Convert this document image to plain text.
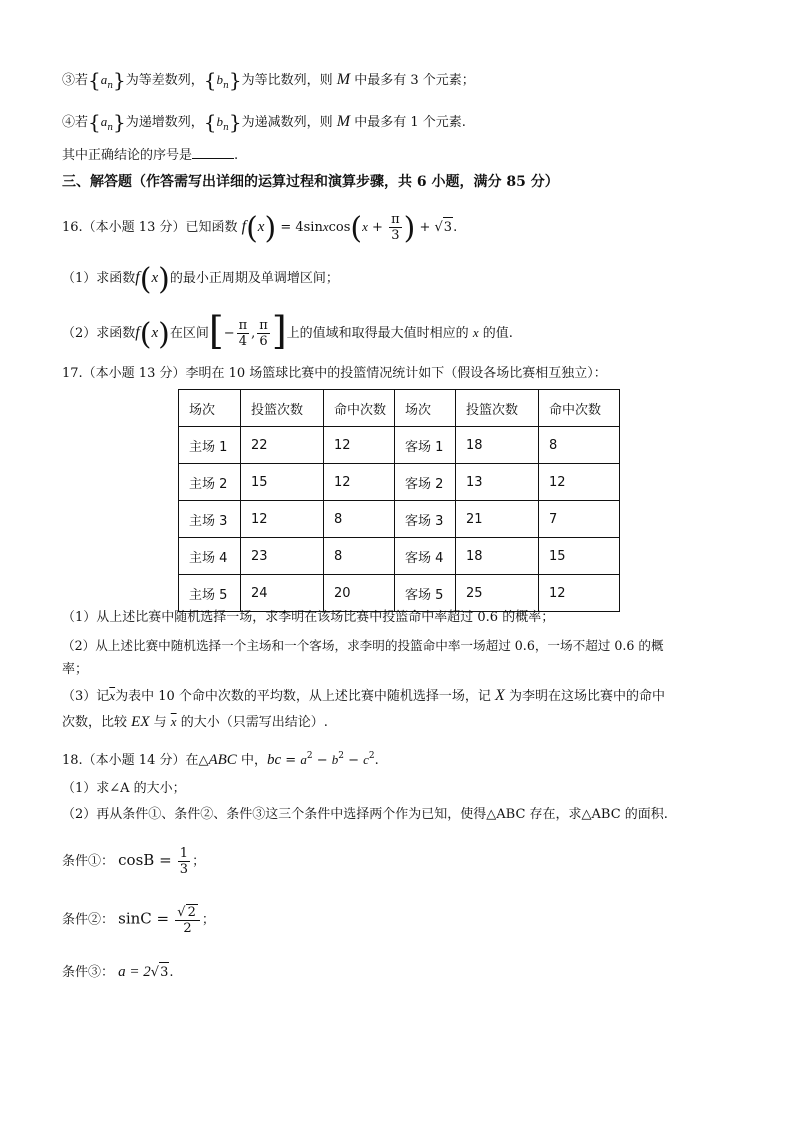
③若$\{a_n\}$为等差数列，$\{b_n\}$为等比数列，则 M 中最多有 3 个元素；
④若$\{a_n\}$为递增数列，$\{b_n\}$为递减数列，则 M 中最多有 1 个元素.
其中正确结论的序号是	.
三、解答题（作答需写出详细的运算过程和演算步骤，共 6 小题，满分 85 分）
16.（本小题 13 分）已知函数 f(x) = 4sinxcos(x + $\frac{\pi}{3}$ ) + √3.
（1）求函数f(x)的最小正周期及单调增区间；
（2）求函数f(x)在区间[− $\frac{\pi}{4}$ , $\frac{\pi}{6}$ ]上的值域和取得最大值时相应的 x 的值.
17.（本小题 13 分）李明在 10 场篮球比赛中的投篮情况统计如下（假设各场比赛相互独立）：
场次	投篮次数	命中次数	场次	投篮次数	命中次数
主场 1	22	12	客场 1	18	8
主场 2	15	12	客场 2	13	12
主场 3	12	8	客场 3	21	7
主场 4	23	8	客场 4	18	15
主场 5	24	20	客场 5	25	12
（1）从上述比赛中随机选择一场，求李明在该场比赛中投篮命中率超过 0.6 的概率；
（2）从上述比赛中随机选择一个主场和一个客场，求李明的投篮命中率一场超过 0.6，一场不超过 0.6 的概
率；
（3）记$\overline{x}$为表中 10 个命中次数的平均数，从上述比赛中随机选择一场，记 X 为李明在这场比赛中的命中
次数，比较 EX 与 $\overline{x}$ 的大小（只需写出结论）.
18.（本小题 14 分）在△ABC 中，bc = $a^2 - b^2 - c^2$.
（1）求∠A 的大小；
（2）再从条件①、条件②、条件③这三个条件中选择两个作为已知，使得△ABC 存在，求△ABC 的面积.
条件①： $\cos B = \frac{1}{3}$ ；
条件②： $\sin C = \frac{√ 2}{2}$ ；
条件③： a = 2√3.
